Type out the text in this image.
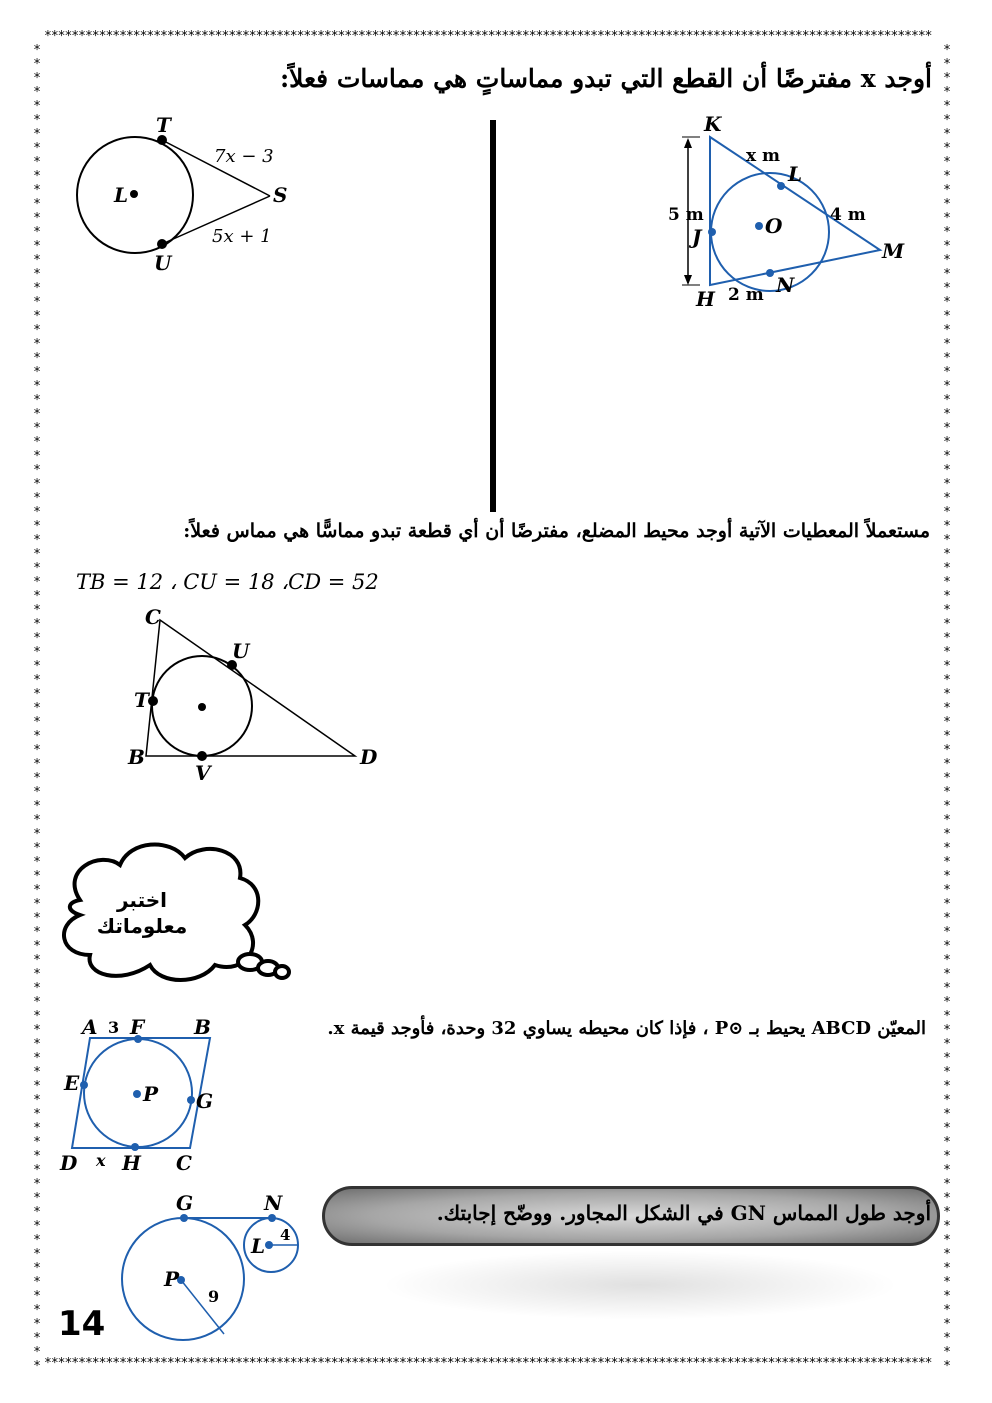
**********************************************************************************************************************************
**********************************************************************************************************************************
***********************************************************************************************
***********************************************************************************************
أوجد x مفترضًا أن القطع التي تبدو مماساتٍ هي مماسات فعلاً:
T
U
L	S
7x − 3
5x + 1
K
L
M
N
H
J	O
x m
4 m
5 m
2 m
C
U
T
B
V
D
A 3 F B
E	P G
D x H C
G	N
L 4
P
9
مستعملاً المعطيات الآتية أوجد محيط المضلع، مفترضًا أن أي قطعة تبدو مماسًّا هي مماس فعلاً:
TB = 12 ، CU = 18 ،CD = 52
اختبر
معلوماتك
المعيّن ABCD يحيط بـ ⊙P ، فإذا كان محيطه يساوي 32 وحدة، فأوجد قيمة x.
أوجد طول المماس GN في الشكل المجاور. ووضّح إجابتك.
14
